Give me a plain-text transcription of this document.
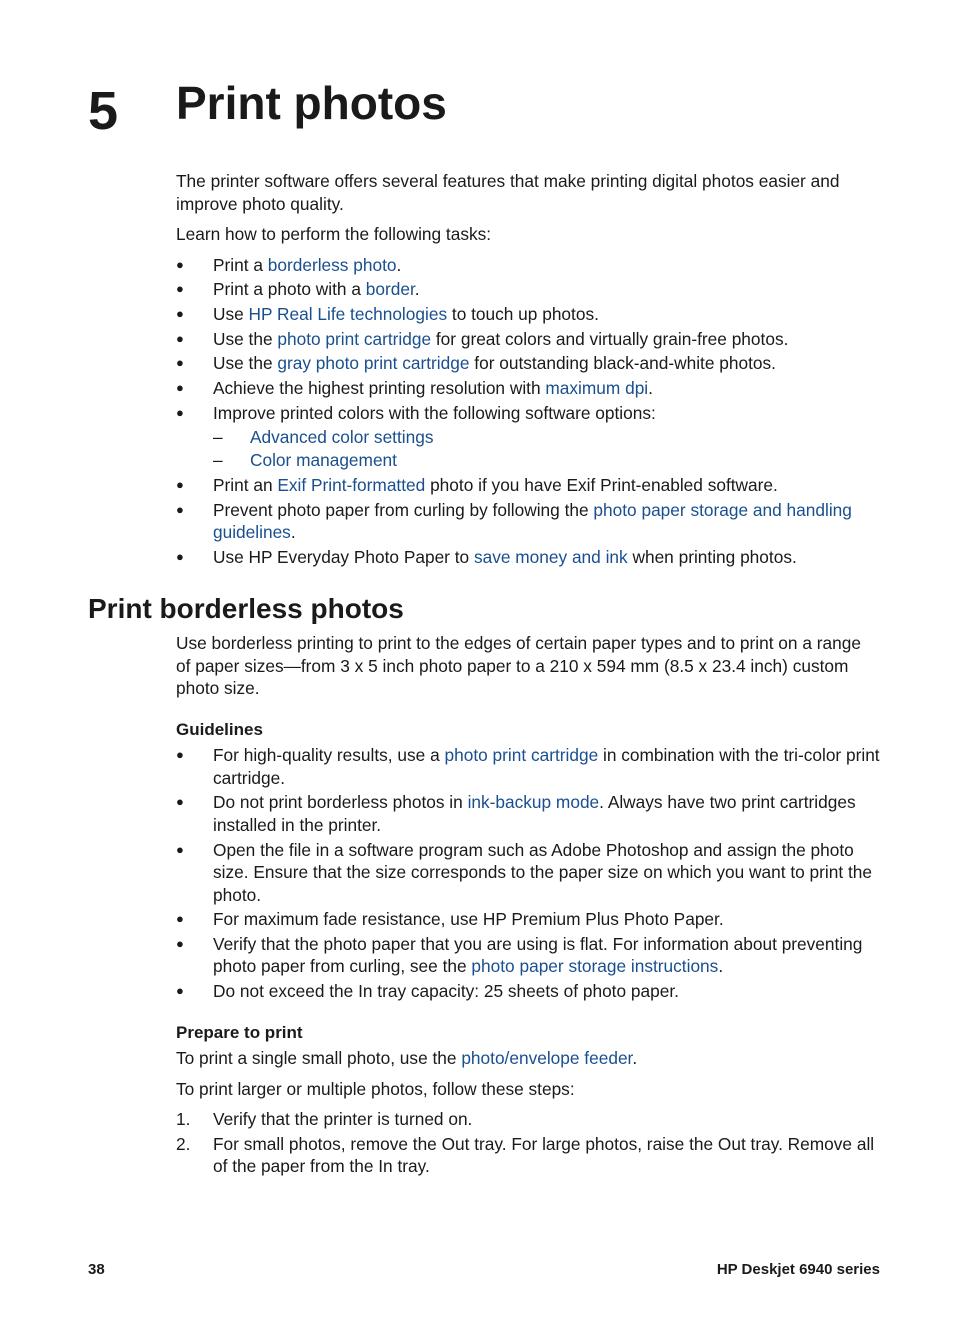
5 Print photos

The printer software offers several features that make printing digital photos easier and improve photo quality.

Learn how to perform the following tasks:

● Print a borderless photo.
● Print a photo with a border.
● Use HP Real Life technologies to touch up photos.
● Use the photo print cartridge for great colors and virtually grain-free photos.
● Use the gray photo print cartridge for outstanding black-and-white photos.
● Achieve the highest printing resolution with maximum dpi.
● Improve printed colors with the following software options:
– Advanced color settings
– Color management
● Print an Exif Print-formatted photo if you have Exif Print-enabled software.
● Prevent photo paper from curling by following the photo paper storage and handling guidelines.
● Use HP Everyday Photo Paper to save money and ink when printing photos.
Print borderless photos

Use borderless printing to print to the edges of certain paper types and to print on a range of paper sizes—from 3 x 5 inch photo paper to a 210 x 594 mm (8.5 x 23.4 inch) custom photo size.

Guidelines
● For high-quality results, use a photo print cartridge in combination with the tri-color print cartridge.
● Do not print borderless photos in ink-backup mode. Always have two print cartridges installed in the printer.
● Open the file in a software program such as Adobe Photoshop and assign the photo size. Ensure that the size corresponds to the paper size on which you want to print the photo.
● For maximum fade resistance, use HP Premium Plus Photo Paper.
● Verify that the photo paper that you are using is flat. For information about preventing photo paper from curling, see the photo paper storage instructions.
● Do not exceed the In tray capacity: 25 sheets of photo paper.
Prepare to print

To print a single small photo, use the photo/envelope feeder.

To print larger or multiple photos, follow these steps:

1. Verify that the printer is turned on.
2. For small photos, remove the Out tray. For large photos, raise the Out tray. Remove all of the paper from the In tray.
38	HP Deskjet 6940 series
